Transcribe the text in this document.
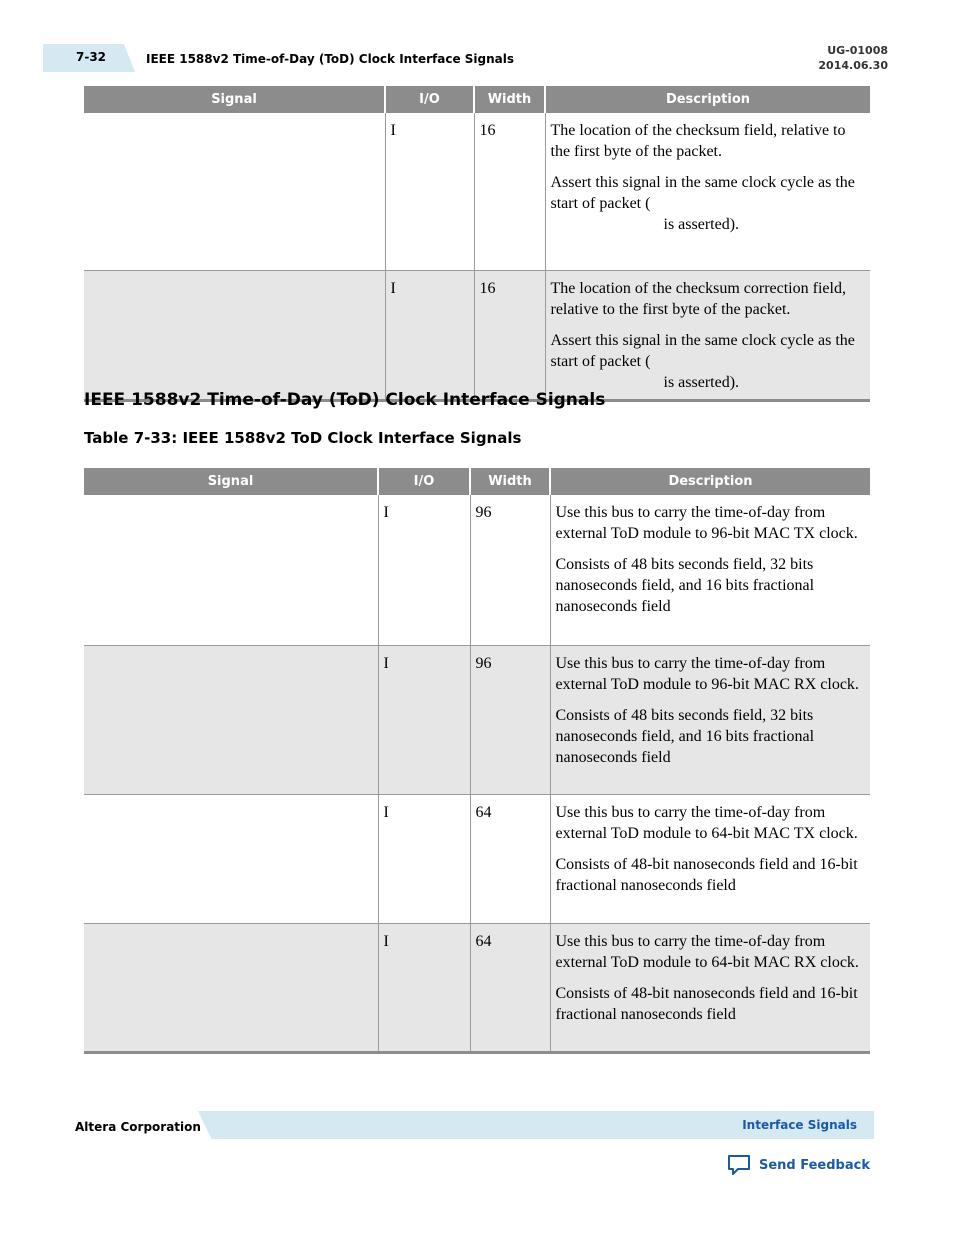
7-32	IEEE 1588v2 Time-of-Day (ToD) Clock Interface Signals
UG-01008
2014.06.30
Signal	I/O	Width	Description
	I	16	The location of the checksum field, relative to the first byte of the packet.

Assert this signal in the same clock cycle as the start of packet (
is asserted).

	I	16	The location of the checksum correction field, relative to the first byte of the packet.

Assert this signal in the same clock cycle as the start of packet (
is asserted).

IEEE 1588v2 Time-of-Day (ToD) Clock Interface Signals
Table 7-33: IEEE 1588v2 ToD Clock Interface Signals
Signal	I/O	Width	Description
	I	96	Use this bus to carry the time-of-day from external ToD module to 96-bit MAC TX clock.

Consists of 48 bits seconds field, 32 bits nanoseconds field, and 16 bits fractional nanoseconds field

	I	96	Use this bus to carry the time-of-day from external ToD module to 96-bit MAC RX clock.

Consists of 48 bits seconds field, 32 bits nanoseconds field, and 16 bits fractional nanoseconds field

	I	64	Use this bus to carry the time-of-day from external ToD module to 64-bit MAC TX clock.

Consists of 48-bit nanoseconds field and 16-bit fractional nanoseconds field

	I	64	Use this bus to carry the time-of-day from external ToD module to 64-bit MAC RX clock.

Consists of 48-bit nanoseconds field and 16-bit fractional nanoseconds field

Altera Corporation	Interface Signals
Send Feedback
